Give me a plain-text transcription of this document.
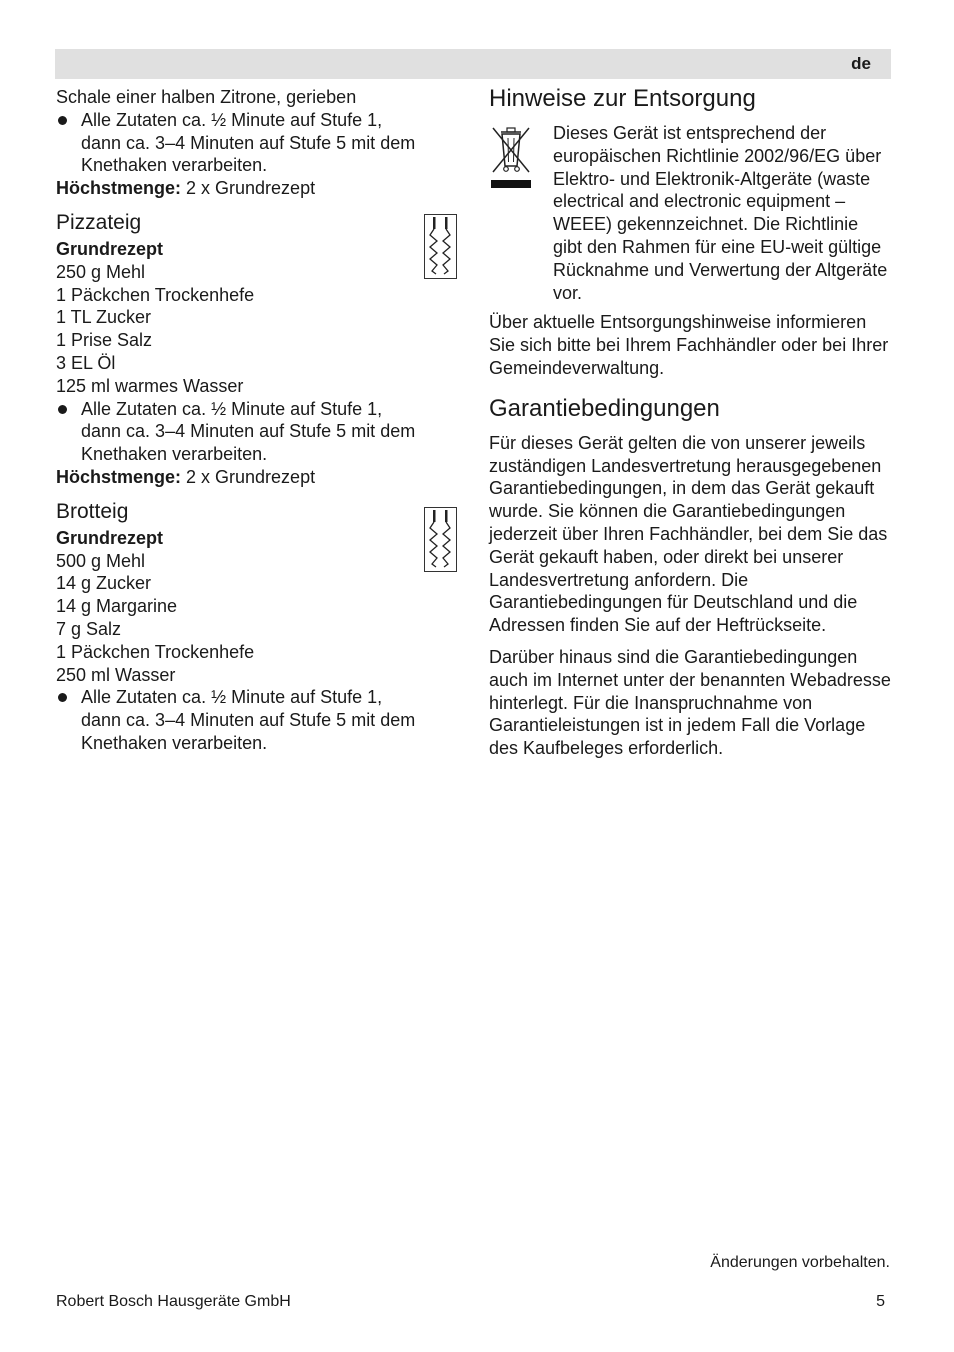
de

Schale einer halben Zitrone, gerieben

Alle Zutaten ca. ½ Minute auf Stufe 1, dann ca. 3–4 Minuten auf Stufe 5 mit dem Knethaken verarbeiten.

Höchstmenge: 2 x Grundrezept

Pizzateig

Grundrezept

250 g Mehl

1 Päckchen Trockenhefe

1 TL Zucker

1 Prise Salz

3 EL Öl

125 ml warmes Wasser

Alle Zutaten ca. ½ Minute auf Stufe 1, dann ca. 3–4 Minuten auf Stufe 5 mit dem Knethaken verarbeiten.

Höchstmenge: 2 x Grundrezept

Brotteig

Grundrezept

500 g Mehl

14 g Zucker

14 g Margarine

7 g Salz

1 Päckchen Trockenhefe

250 ml Wasser

Alle Zutaten ca. ½ Minute auf Stufe 1, dann ca. 3–4 Minuten auf Stufe 5 mit dem Knethaken verarbeiten.
Hinweise zur Entsorgung

Dieses Gerät ist entsprechend der europäischen Richtlinie 2002/96/EG über Elektro- und Elektronik-Altgeräte (waste electrical and electronic equipment – WEEE) gekennzeichnet. Die Richtlinie gibt den Rahmen für eine EU-weit gültige Rücknahme und Verwertung der Altgeräte vor.

Über aktuelle Entsorgungshinweise informieren Sie sich bitte bei Ihrem Fachhändler oder bei Ihrer Gemeindeverwaltung.

Garantiebedingungen

Für dieses Gerät gelten die von unserer jeweils zuständigen Landesvertretung herausgegebenen Garantiebedingungen, in dem das Gerät gekauft wurde. Sie können die Garantiebedingungen jederzeit über Ihren Fachhändler, bei dem Sie das Gerät gekauft haben, oder direkt bei unserer Landesvertretung anfordern. Die Garantiebedingungen für Deutschland und die Adressen finden Sie auf der Heftrückseite.

Darüber hinaus sind die Garantiebedingungen auch im Internet unter der benannten Webadresse hinterlegt. Für die Inanspruchnahme von Garantieleistungen ist in jedem Fall die Vorlage des Kaufbeleges erforderlich.

Änderungen vorbehalten.
Robert Bosch Hausgeräte GmbH	5
